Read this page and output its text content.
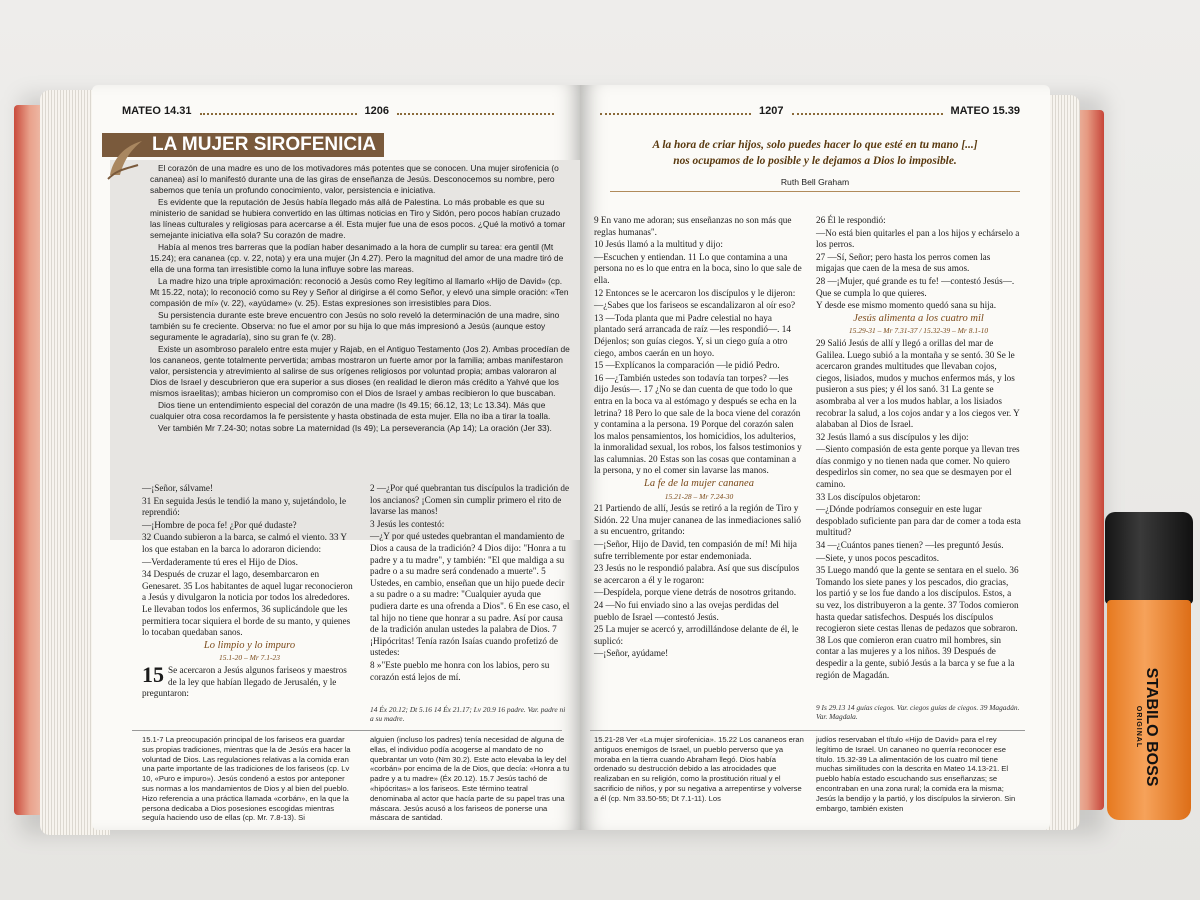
MATEO 14.31	1206
LA MUJER SIROFENICIA

El corazón de una madre es uno de los motivadores más potentes que se conocen. Una mujer sirofenicia (o cananea) así lo manifestó durante una de las giras de enseñanza de Jesús. Desconocemos su nombre, pero sabemos que tenía un profundo conocimiento, valor, persistencia e iniciativa.

Es evidente que la reputación de Jesús había llegado más allá de Palestina. Lo más probable es que su ministerio de sanidad se hubiera convertido en las últimas noticias en Tiro y Sidón, pero pocos habían cruzado las líneas culturales y religiosas para acercarse a él. Esta mujer fue una de esos pocos. ¿Qué la motivó a tomar semejante iniciativa ella sola? Su corazón de madre.

Había al menos tres barreras que la podían haber desanimado a la hora de cumplir su tarea: era gentil (Mt 15.24); era cananea (cp. v. 22, nota) y era una mujer (Jn 4.27). Pero la magnitud del amor de una madre tiró de ella de una forma tan irresistible como la luna influye sobre las mareas.

La madre hizo una triple aproximación: reconoció a Jesús como Rey legítimo al llamarlo «Hijo de David» (cp. Mt 15.22, nota); lo reconoció como su Rey y Señor al dirigirse a él como Señor, y elevó una simple oración: «Ten compasión de mí» (v. 22), «ayúdame» (v. 25). Estas expresiones son irresistibles para Dios.

Su persistencia durante este breve encuentro con Jesús no solo reveló la determinación de una madre, sino también su fe creciente. Observa: no fue el amor por su hija lo que más impresionó a Jesús (aunque estoy seguramente le agradaría), sino su gran fe (v. 28).

Existe un asombroso paralelo entre esta mujer y Rajab, en el Antiguo Testamento (Jos 2). Ambas procedían de los cananeos, gente totalmente pervertida; ambas mostraron un fuerte amor por la familia; ambas manifestaron valor, persistencia y atrevimiento al salirse de sus orígenes religiosos por voluntad propia; ambas valoraron al Dios de Israel y descubrieron que era superior a sus dioses (en realidad le dieron más crédito a Yahvé que los mismos israelitas); ambas hicieron un compromiso con el Dios de Israel y ambas recibieron lo que buscaban.

Dios tiene un entendimiento especial del corazón de una madre (Is 49.15; 66.12, 13; Lc 13.34). Más que cualquier otra cosa recordamos la fe persistente y hasta obstinada de esta mujer. Ella no iba a tirar la toalla.

Ver también Mr 7.24-30; notas sobre La maternidad (Is 49); La perseverancia (Ap 14); La oración (Jer 33).

—¡Señor, sálvame!

31 En seguida Jesús le tendió la mano y, sujetándolo, le reprendió:

—¡Hombre de poca fe! ¿Por qué dudaste?

32 Cuando subieron a la barca, se calmó el viento. 33 Y los que estaban en la barca lo adoraron diciendo:

—Verdaderamente tú eres el Hijo de Dios.

34 Después de cruzar el lago, desembarcaron en Genesaret. 35 Los habitantes de aquel lugar reconocieron a Jesús y divulgaron la noticia por todos los alrededores. Le llevaban todos los enfermos, 36 suplicándole que les permitiera tocar siquiera el borde de su manto, y quienes lo tocaban quedaban sanos.

Lo limpio y lo impuro

15.1-20 – Mr 7.1-23

15 Se acercaron a Jesús algunos fariseos y maestros de la ley que habían llegado de Jerusalén, y le preguntaron:

2 —¿Por qué quebrantan tus discípulos la tradición de los ancianos? ¡Comen sin cumplir primero el rito de lavarse las manos!

3 Jesús les contestó:

—¿Y por qué ustedes quebrantan el mandamiento de Dios a causa de la tradición? 4 Dios dijo: "Honra a tu padre y a tu madre", y también: "El que maldiga a su padre o a su madre será condenado a muerte". 5 Ustedes, en cambio, enseñan que un hijo puede decir a su padre o a su madre: "Cualquier ayuda que pudiera darte es una ofrenda a Dios". 6 En ese caso, el tal hijo no tiene que honrar a su padre. Así por causa de la tradición anulan ustedes la palabra de Dios. 7 ¡Hipócritas! Tenía razón Isaías cuando profetizó de ustedes:

8 »"Este pueblo me honra con los labios, pero su corazón está lejos de mí.

14 Éx 20.12; Dt 5.16 14 Éx 21.17; Lv 20.9 16 padre. Var. padre ni a su madre.
15.1-7 La preocupación principal de los fariseos era guardar sus propias tradiciones, mientras que la de Jesús era hacer la voluntad de Dios. Las regulaciones relativas a la comida eran una parte importante de las tradiciones de los fariseos (cp. Lv 10, «Puro e impuro»). Jesús condenó a estos por anteponer sus normas a los mandamientos de Dios y al bien del pueblo. Hizo referencia a una práctica llamada «corbán», en la que la persona dedicaba a Dios posesiones escogidas mientras seguía haciendo uso de ellas (cp. Mr. 7.8-13). Si
alguien (incluso los padres) tenía necesidad de alguna de ellas, el individuo podía acogerse al mandato de no quebrantar un voto (Nm 30.2). Este acto elevaba la ley del «corbán» por encima de la de Dios, que decía: «Honra a tu padre y a tu madre» (Éx 20.12). 15.7 Jesús tachó de «hipócritas» a los fariseos. Este término teatral denominaba al actor que hacía parte de su papel tras una máscara. Jesús acusó a los fariseos de ponerse una máscara de santidad.
1207	MATEO 15.39
A la hora de criar hijos, solo puedes hacer lo que esté en tu mano [...]
nos ocupamos de lo posible y le dejamos a Dios lo imposible.
Ruth Bell Graham

9 En vano me adoran; sus enseñanzas no son más que reglas humanas".

10 Jesús llamó a la multitud y dijo:

—Escuchen y entiendan. 11 Lo que contamina a una persona no es lo que entra en la boca, sino lo que sale de ella.

12 Entonces se le acercaron los discípulos y le dijeron:

—¿Sabes que los fariseos se escandalizaron al oír eso?

13 —Toda planta que mi Padre celestial no haya plantado será arrancada de raíz —les respondió—. 14 Déjenlos; son guías ciegos. Y, si un ciego guía a otro ciego, ambos caerán en un hoyo.

15 —Explícanos la comparación —le pidió Pedro.

16 —¿También ustedes son todavía tan torpes? —les dijo Jesús—. 17 ¿No se dan cuenta de que todo lo que entra en la boca va al estómago y después se echa en la letrina? 18 Pero lo que sale de la boca viene del corazón y contamina a la persona. 19 Porque del corazón salen los malos pensamientos, los homicidios, los adulterios, la inmoralidad sexual, los robos, los falsos testimonios y las calumnias. 20 Estas son las cosas que contaminan a la persona, y no el comer sin lavarse las manos.

La fe de la mujer cananea

15.21-28 – Mr 7.24-30

21 Partiendo de allí, Jesús se retiró a la región de Tiro y Sidón. 22 Una mujer cananea de las inmediaciones salió a su encuentro, gritando:

—¡Señor, Hijo de David, ten compasión de mí! Mi hija sufre terriblemente por estar endemoniada.

23 Jesús no le respondió palabra. Así que sus discípulos se acercaron a él y le rogaron:

—Despídela, porque viene detrás de nosotros gritando.

24 —No fui enviado sino a las ovejas perdidas del pueblo de Israel —contestó Jesús.

25 La mujer se acercó y, arrodillándose delante de él, le suplicó:

—¡Señor, ayúdame!

26 Él le respondió:

—No está bien quitarles el pan a los hijos y echárselo a los perros.

27 —Sí, Señor; pero hasta los perros comen las migajas que caen de la mesa de sus amos.

28 —¡Mujer, qué grande es tu fe! —contestó Jesús—. Que se cumpla lo que quieres.

Y desde ese mismo momento quedó sana su hija.

Jesús alimenta a los cuatro mil

15.29-31 – Mr 7.31-37 / 15.32-39 – Mr 8.1-10

29 Salió Jesús de allí y llegó a orillas del mar de Galilea. Luego subió a la montaña y se sentó. 30 Se le acercaron grandes multitudes que llevaban cojos, ciegos, lisiados, mudos y muchos enfermos más, y los pusieron a sus pies; y él los sanó. 31 La gente se asombraba al ver a los mudos hablar, a los lisiados recobrar la salud, a los cojos andar y a los ciegos ver. Y alababan al Dios de Israel.

32 Jesús llamó a sus discípulos y les dijo:

—Siento compasión de esta gente porque ya llevan tres días conmigo y no tienen nada que comer. No quiero despedirlos sin comer, no sea que se desmayen por el camino.

33 Los discípulos objetaron:

—¿Dónde podríamos conseguir en este lugar despoblado suficiente pan para dar de comer a toda esta multitud?

34 —¿Cuántos panes tienen? —les preguntó Jesús.

—Siete, y unos pocos pescaditos.

35 Luego mandó que la gente se sentara en el suelo. 36 Tomando los siete panes y los pescados, dio gracias, los partió y se los fue dando a los discípulos. Estos, a su vez, los distribuyeron a la gente. 37 Todos comieron hasta quedar satisfechos. Después los discípulos recogieron siete cestas llenas de pedazos que sobraron. 38 Los que comieron eran cuatro mil hombres, sin contar a las mujeres y a los niños. 39 Después de despedir a la gente, subió Jesús a la barca y se fue a la región de Magadán.

9 Is 29.13 14 guías ciegos. Var. ciegos guías de ciegos. 39 Magadán. Var. Magdala.
15.21-28 Ver «La mujer sirofenicia». 15.22 Los cananeos eran antiguos enemigos de Israel, un pueblo perverso que ya moraba en la tierra cuando Abraham llegó. Dios había ordenado su destrucción debido a las atrocidades que realizaban en su religión, como la prostitución ritual y el sacrificio de niños, y por su negativa a arrepentirse y volverse a él (cp. Nm 33.50-55; Dt 7.1-11). Los
judíos reservaban el título «Hijo de David» para el rey legítimo de Israel. Un cananeo no querría reconocer ese título. 15.32-39 La alimentación de los cuatro mil tiene muchas similitudes con la descrita en Mateo 14.13-21. El pueblo había estado escuchando sus enseñanzas; se encontraban en una zona rural; la comida era la misma; Jesús la bendijo y la partió, y los discípulos la sirvieron. Sin embargo, también existen
STABILO BOSS
ORIGINAL
